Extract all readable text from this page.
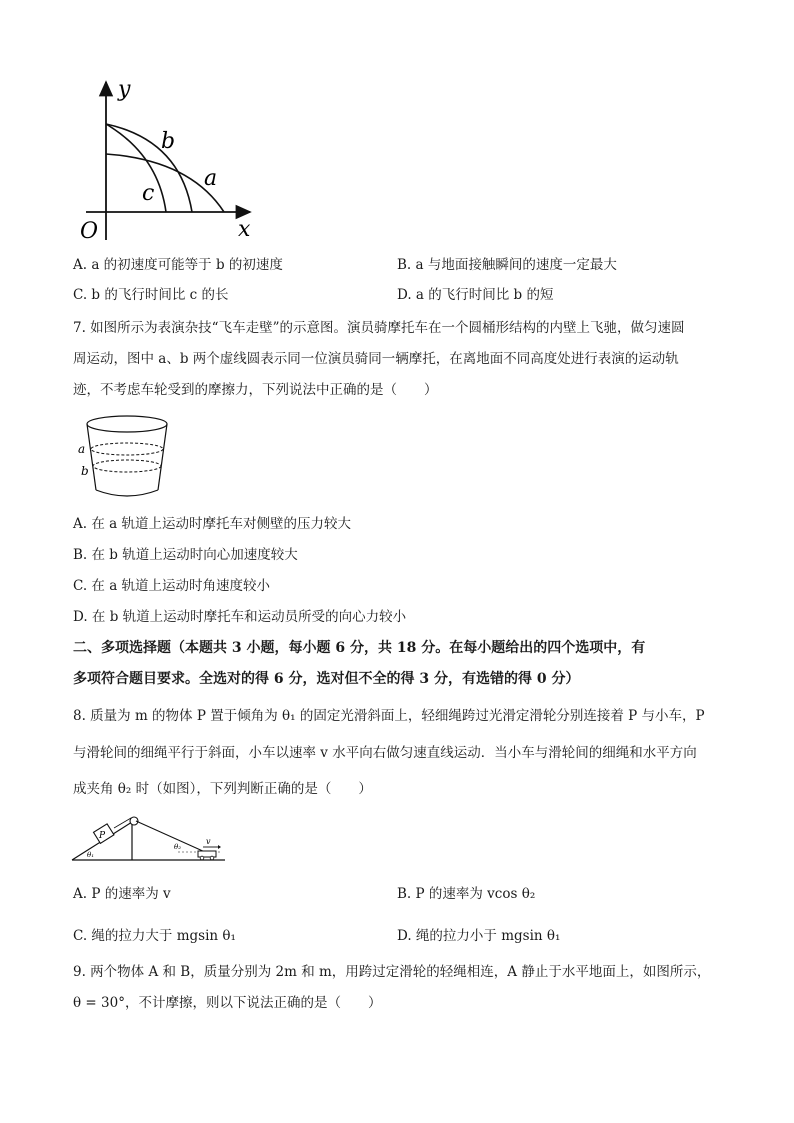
y
x
O
b
c
a
A. a 的初速度可能等于 b 的初速度	B. a 与地面接触瞬间的速度一定最大
C. b 的飞行时间比 c 的长	D. a 的飞行时间比 b 的短
7. 如图所示为表演杂技“飞车走壁”的示意图。演员骑摩托车在一个圆桶形结构的内壁上飞驰，做匀速圆
周运动，图中 a、b 两个虚线圆表示同一位演员骑同一辆摩托，在离地面不同高度处进行表演的运动轨
迹，不考虑车轮受到的摩擦力，下列说法中正确的是（　　）
a
b
A. 在 a 轨道上运动时摩托车对侧壁的压力较大
B. 在 b 轨道上运动时向心加速度较大
C. 在 a 轨道上运动时角速度较小
D. 在 b 轨道上运动时摩托车和运动员所受的向心力较小
二、多项选择题（本题共 3 小题，每小题 6 分，共 18 分。在每小题给出的四个选项中，有
多项符合题目要求。全选对的得 6 分，选对但不全的得 3 分，有选错的得 0 分）
8. 质量为 m 的物体 P 置于倾角为 θ₁ 的固定光滑斜面上，轻细绳跨过光滑定滑轮分别连接着 P 与小车，P
与滑轮间的细绳平行于斜面，小车以速率 v 水平向右做匀速直线运动．当小车与滑轮间的细绳和水平方向
成夹角 θ₂ 时（如图），下列判断正确的是（　　）
P
θ₁
θ₂
v
A. P 的速率为 v	B. P 的速率为 vcos θ₂
C. 绳的拉力大于 mgsin θ₁	D. 绳的拉力小于 mgsin θ₁
9. 两个物体 A 和 B，质量分别为 2m 和 m，用跨过定滑轮的轻绳相连，A 静止于水平地面上，如图所示，
θ = 30°，不计摩擦，则以下说法正确的是（　　）
